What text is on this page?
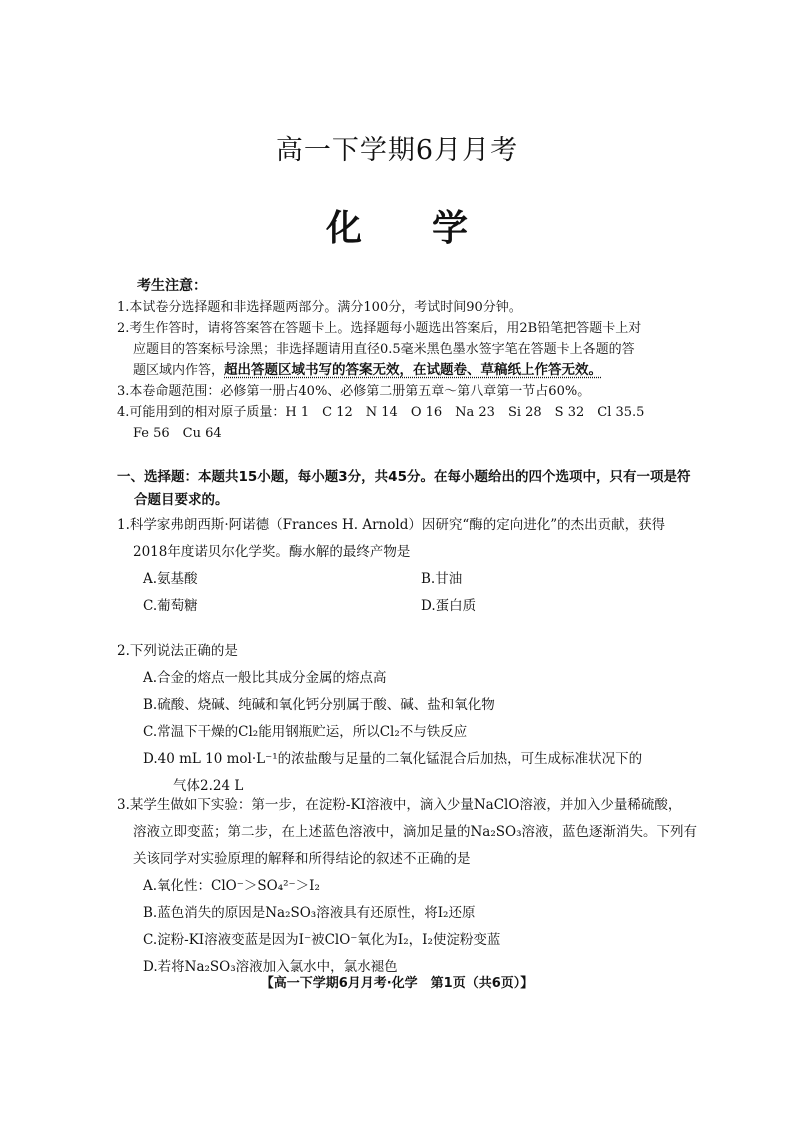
高一下学期6月月考
化 学

考生注意：

1.本试卷分选择题和非选择题两部分。满分100分，考试时间90分钟。

2.考生作答时，请将答案答在答题卡上。选择题每小题选出答案后，用2B铅笔把答题卡上对

应题目的答案标号涂黑；非选择题请用直径0.5毫米黑色墨水签字笔在答题卡上各题的答

题区域内作答，超出答题区域书写的答案无效，在试题卷、草稿纸上作答无效。

3.本卷命题范围：必修第一册占40%、必修第二册第五章～第八章第一节占60%。

4.可能用到的相对原子质量：H 1　C 12　N 14　O 16　Na 23　Si 28　S 32　Cl 35.5

Fe 56　Cu 64

一、选择题：本题共15小题，每小题3分，共45分。在每小题给出的四个选项中，只有一项是符
合题目要求的。

1.科学家弗朗西斯·阿诺德（Frances H. Arnold）因研究“酶的定向进化”的杰出贡献，获得

2018年度诺贝尔化学奖。酶水解的最终产物是

A.氨基酸	B.甘油
C.葡萄糖	D.蛋白质

2.下列说法正确的是

A.合金的熔点一般比其成分金属的熔点高

B.硫酸、烧碱、纯碱和氧化钙分别属于酸、碱、盐和氧化物

C.常温下干燥的Cl₂能用钢瓶贮运，所以Cl₂不与铁反应

D.40 mL 10 mol·L⁻¹的浓盐酸与足量的二氧化锰混合后加热，可生成标准状况下的

气体2.24 L

3.某学生做如下实验：第一步，在淀粉-KI溶液中，滴入少量NaClO溶液，并加入少量稀硫酸，

溶液立即变蓝；第二步，在上述蓝色溶液中，滴加足量的Na₂SO₃溶液，蓝色逐渐消失。下列有

关该同学对实验原理的解释和所得结论的叙述不正确的是

A.氧化性：ClO⁻＞SO₄²⁻＞I₂

B.蓝色消失的原因是Na₂SO₃溶液具有还原性，将I₂还原

C.淀粉-KI溶液变蓝是因为I⁻被ClO⁻氧化为I₂，I₂使淀粉变蓝

D.若将Na₂SO₃溶液加入氯水中，氯水褪色

【高一下学期6月月考·化学　第1页（共6页）】
